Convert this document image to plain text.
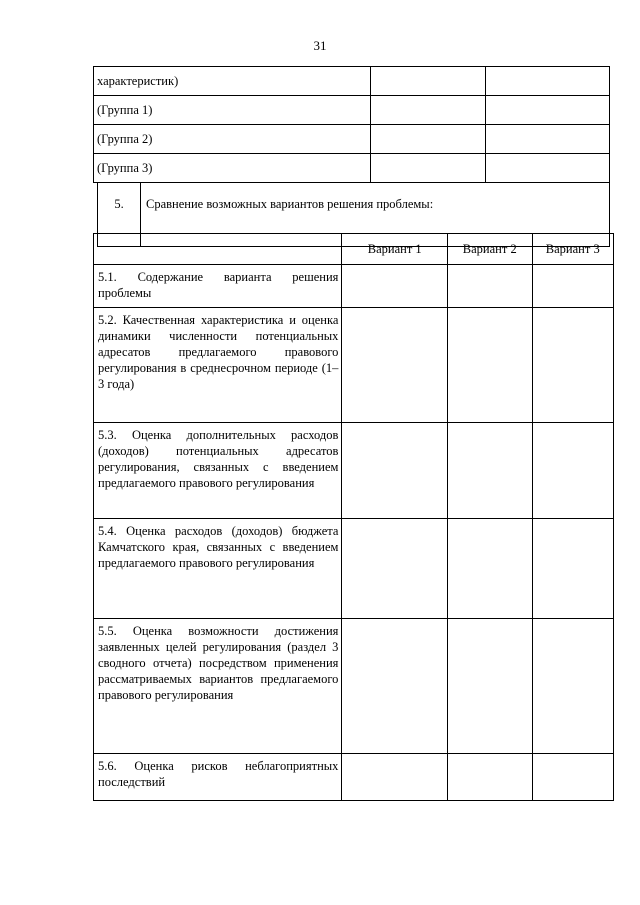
31
характеристик)		
(Группа 1)		
(Группа 2)		
(Группа 3)		
5.	Сравнение возможных вариантов решения проблемы:
	Вариант 1	Вариант 2	Вариант 3
5.1. Содержание варианта решения проблемы			
5.2. Качественная характеристика и оценка динамики численности потенциальных адресатов предлагаемого правового регулирования в среднесрочном периоде (1–3 года)			
5.3. Оценка дополнительных расходов (доходов) потенциальных адресатов регулирования, связанных с введением предлагаемого правового регулирования			
5.4. Оценка расходов (доходов) бюджета Камчатского края, связанных с введением предлагаемого правового регулирования			
5.5. Оценка возможности достижения заявленных целей регулирования (раздел 3 сводного отчета) посредством применения рассматриваемых вариантов предлагаемого правового регулирования			
5.6. Оценка рисков неблагоприятных последствий			
